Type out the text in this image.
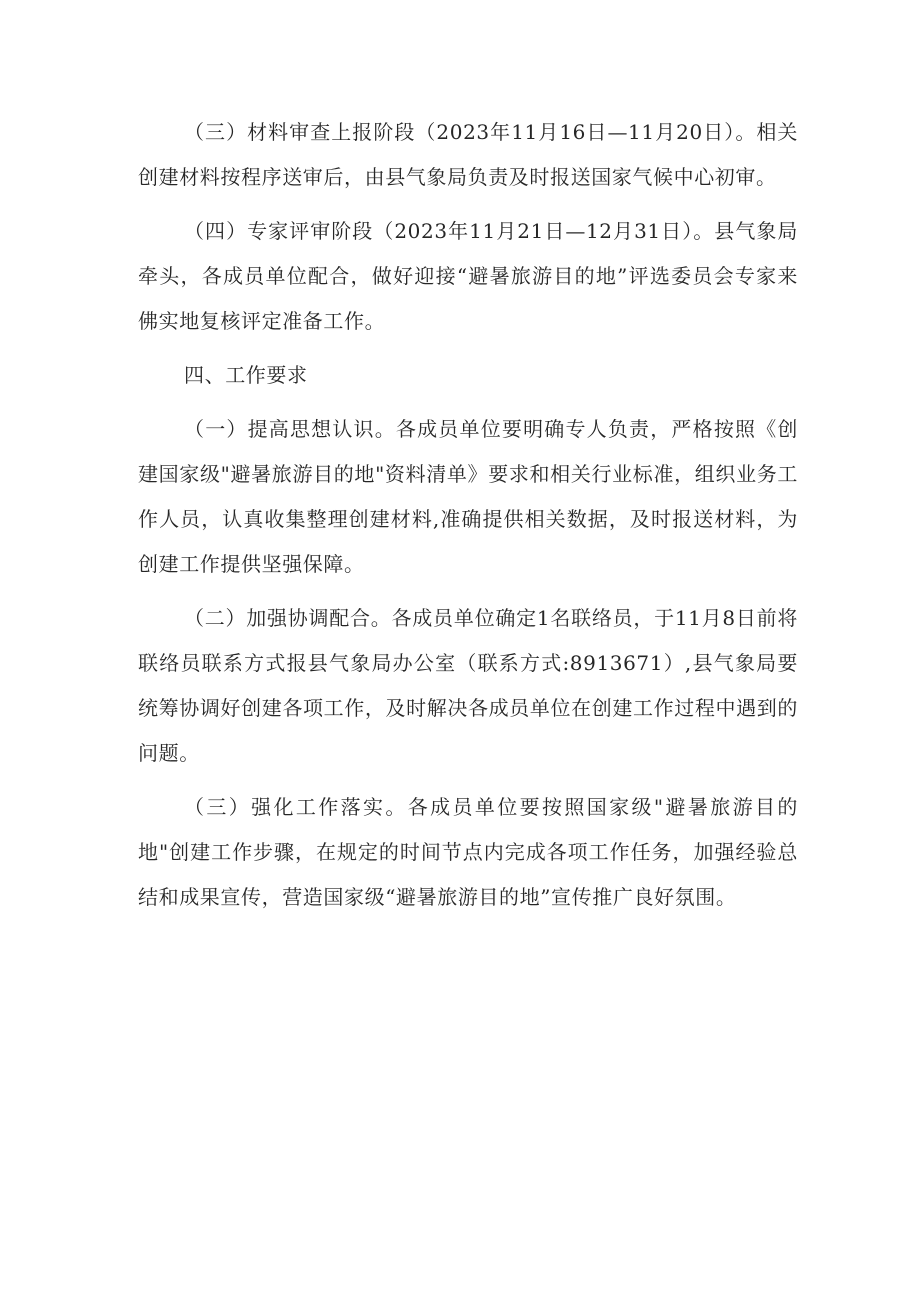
（三）材料审查上报阶段（2023年11月16日—11月20日）。相关创建材料按程序送审后，由县气象局负责及时报送国家气候中心初审。

（四）专家评审阶段（2023年11月21日—12月31日）。县气象局牵头，各成员单位配合，做好迎接“避暑旅游目的地”评选委员会专家来佛实地复核评定准备工作。

四、工作要求

（一）提高思想认识。各成员单位要明确专人负责，严格按照《创建国家级"避暑旅游目的地"资料清单》要求和相关行业标准，组织业务工作人员，认真收集整理创建材料,准确提供相关数据，及时报送材料，为创建工作提供坚强保障。

（二）加强协调配合。各成员单位确定1名联络员，于11月8日前将联络员联系方式报县气象局办公室（联系方式:8913671）,县气象局要统筹协调好创建各项工作，及时解决各成员单位在创建工作过程中遇到的问题。

（三）强化工作落实。各成员单位要按照国家级"避暑旅游目的地"创建工作步骤，在规定的时间节点内完成各项工作任务，加强经验总结和成果宣传，营造国家级“避暑旅游目的地”宣传推广良好氛围。
